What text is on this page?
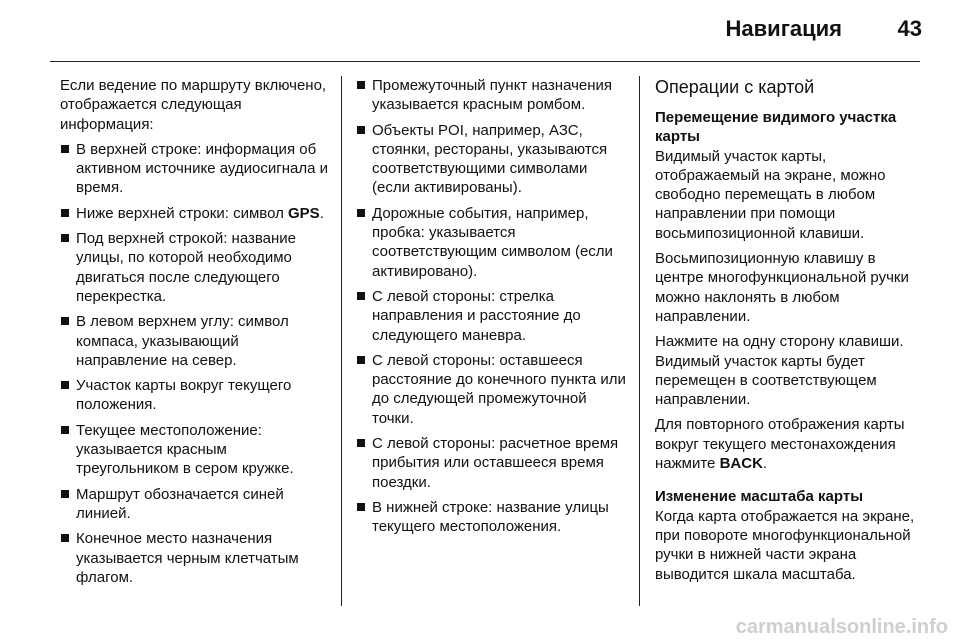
Навигация	43

Если ведение по маршруту включено, отображается следующая информация:

В верхней строке: информация об активном источнике аудиосигнала и время.
Ниже верхней строки: символ GPS.
Под верхней строкой: название улицы, по которой необходимо двигаться после следующего перекрестка.
В левом верхнем углу: символ компаса, указывающий направление на север.
Участок карты вокруг текущего положения.
Текущее местоположение: указывается красным треугольником в сером кружке.
Маршрут обозначается синей линией.
Конечное место назначения указывается черным клетчатым флагом.
Промежуточный пункт назначения указывается красным ромбом.
Объекты POI, например, АЗС, стоянки, рестораны, указываются соответствующими символами (если активированы).
Дорожные события, например, пробка: указывается соответствующим символом (если активировано).
С левой стороны: стрелка направления и расстояние до следующего маневра.
С левой стороны: оставшееся расстояние до конечного пункта или до следующей промежуточной точки.
С левой стороны: расчетное время прибытия или оставшееся время поездки.
В нижней строке: название улицы текущего местоположения.
Операции с картой
Перемещение видимого участка карты

Видимый участок карты, отображаемый на экране, можно свободно перемещать в любом направлении при помощи восьмипозиционной клавиши.

Восьмипозиционную клавишу в центре многофункциональной ручки можно наклонять в любом направлении.

Нажмите на одну сторону клавиши. Видимый участок карты будет перемещен в соответствующем направлении.

Для повторного отображения карты вокруг текущего местонахождения нажмите BACK.

Изменение масштаба карты

Когда карта отображается на экране, при повороте многофункциональной ручки в нижней части экрана выводится шкала масштаба.

carmanualsonline.info
